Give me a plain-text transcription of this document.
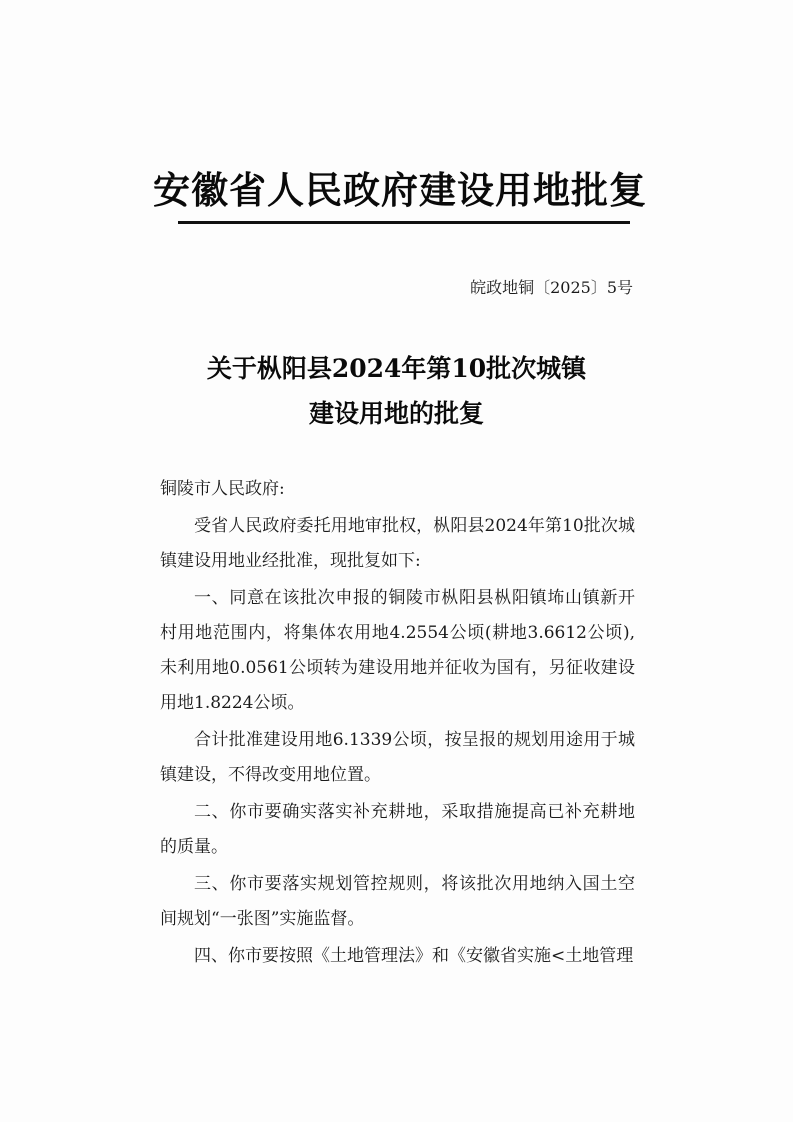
安徽省人民政府建设用地批复
皖政地铜〔2025〕5号
关于枞阳县2024年第10批次城镇
建设用地的批复
铜陵市人民政府:
受省人民政府委托用地审批权，枞阳县2024年第10批次城镇建设用地业经批准，现批复如下:
一、同意在该批次申报的铜陵市枞阳县枞阳镇㘵山镇新开村用地范围内，将集体农用地4.2554公顷(耕地3.6612公顷),未利用地0.0561公顷转为建设用地并征收为国有，另征收建设用地1.8224公顷。
合计批准建设用地6.1339公顷，按呈报的规划用途用于城镇建设，不得改变用地位置。
二、你市要确实落实补充耕地，采取措施提高已补充耕地的质量。
三、你市要落实规划管控规则，将该批次用地纳入国土空间规划“一张图”实施监督。
四、你市要按照《土地管理法》和《安徽省实施<土地管理
